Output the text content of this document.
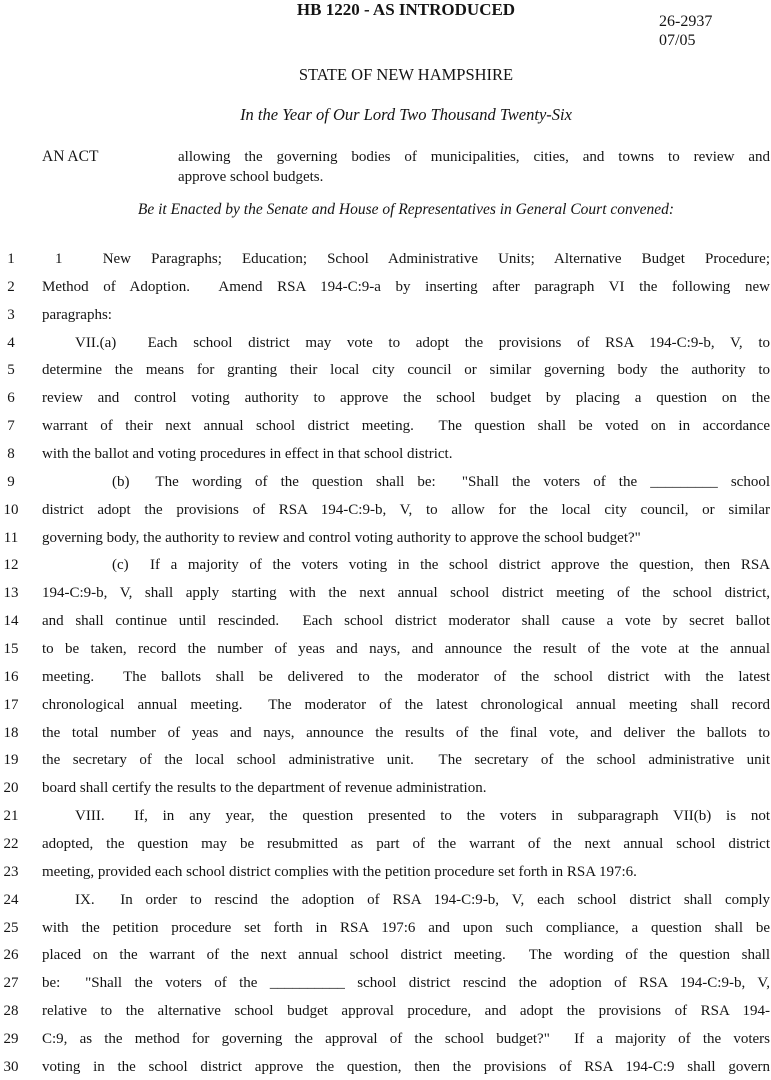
HB 1220 - AS INTRODUCED
26-2937
07/05
STATE OF NEW HAMPSHIRE
In the Year of Our Lord Two Thousand Twenty-Six
AN ACT	allowing the governing bodies of municipalities, cities, and towns to review and
approve school budgets.
Be it Enacted by the Senate and House of Representatives in General Court convened:
1	1  New Paragraphs; Education; School Administrative Units; Alternative Budget Procedure;
2	Method of Adoption.  Amend RSA 194-C:9-a by inserting after paragraph VI the following new
3	paragraphs:
4	VII.(a)  Each school district may vote to adopt the provisions of RSA 194-C:9-b, V, to
5	determine the means for granting their local city council or similar governing body the authority to
6	review and control voting authority to approve the school budget by placing a question on the
7	warrant of their next annual school district meeting.  The question shall be voted on in accordance
8	with the ballot and voting procedures in effect in that school district.
9	(b)  The wording of the question shall be:  "Shall the voters of the _________ school
10 district adopt the provisions of RSA 194-C:9-b, V, to allow for the local city council, or similar
11 governing body, the authority to review and control voting authority to approve the school budget?"
12	(c)  If a majority of the voters voting in the school district approve the question, then RSA
13 194-C:9-b, V, shall apply starting with the next annual school district meeting of the school district,
14 and shall continue until rescinded.  Each school district moderator shall cause a vote by secret ballot
15 to be taken, record the number of yeas and nays, and announce the result of the vote at the annual
16 meeting.  The ballots shall be delivered to the moderator of the school district with the latest
17 chronological annual meeting.  The moderator of the latest chronological annual meeting shall record
18 the total number of yeas and nays, announce the results of the final vote, and deliver the ballots to
19 the secretary of the local school administrative unit.  The secretary of the school administrative unit
20 board shall certify the results to the department of revenue administration.
21	VIII.  If, in any year, the question presented to the voters in subparagraph VII(b) is not
22 adopted, the question may be resubmitted as part of the warrant of the next annual school district
23 meeting, provided each school district complies with the petition procedure set forth in RSA 197:6.
24	IX.  In order to rescind the adoption of RSA 194-C:9-b, V, each school district shall comply
25 with the petition procedure set forth in RSA 197:6 and upon such compliance, a question shall be
26 placed on the warrant of the next annual school district meeting.  The wording of the question shall
27 be:  "Shall the voters of the __________ school district rescind the adoption of RSA 194-C:9-b, V,
28 relative to the alternative school budget approval procedure, and adopt the provisions of RSA 194-
29 C:9, as the method for governing the approval of the school budget?"  If a majority of the voters
30 voting in the school district approve the question, then the provisions of RSA 194-C:9 shall govern
